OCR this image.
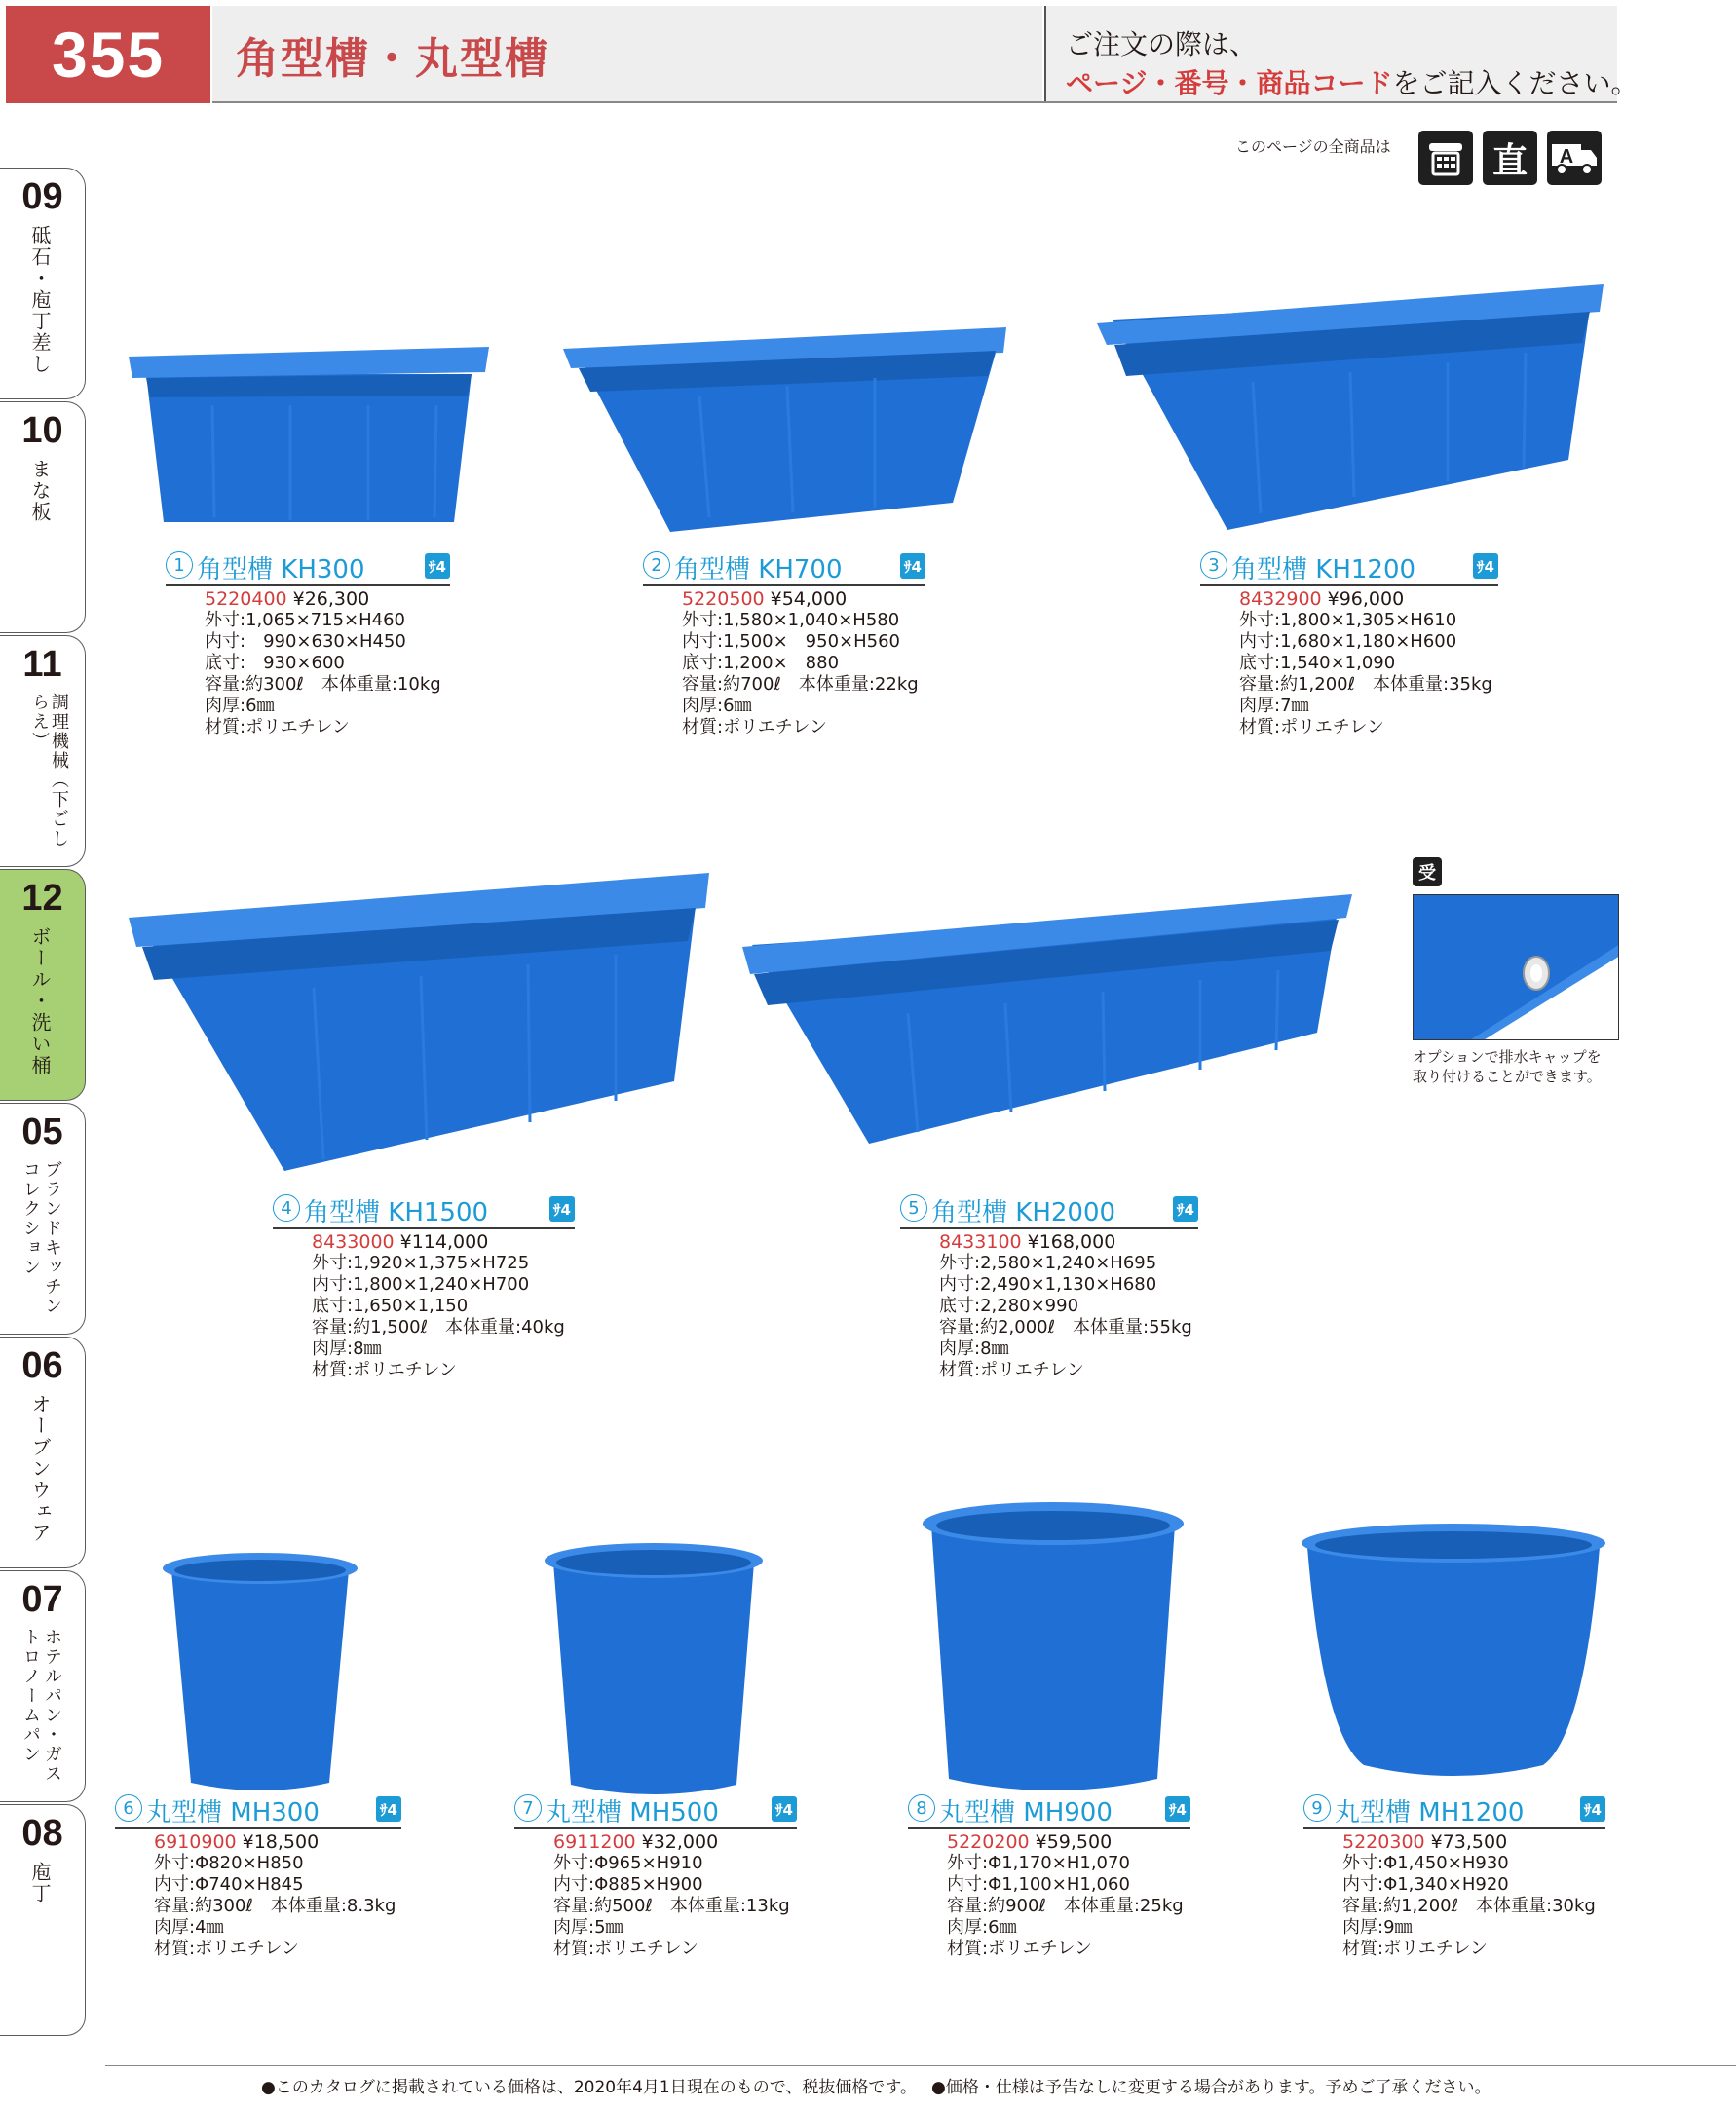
355	角型槽・丸型槽	ご注文の際は、
ページ・番号・商品コードをご記入ください。
このページの全商品は	直	A
09
砥石・庖丁差し
10
まな板
11
調理機械（下ごしらえ）
12
ボール・洗い桶
05
ブランドキッチンコレクション
06
オーブンウェア
07
ホテルパン・ガストロノームパン
08
庖丁
1 角型槽 KH300	ｻ4
5220400 ¥26,300
外寸:1,065×715×H460
内寸:　990×630×H450
底寸:　930×600
容量:約300ℓ　本体重量:10kg
肉厚:6㎜
材質:ポリエチレン
2 角型槽 KH700	ｻ4
5220500 ¥54,000
外寸:1,580×1,040×H580
内寸:1,500×　950×H560
底寸:1,200×　880
容量:約700ℓ　本体重量:22kg
肉厚:6㎜
材質:ポリエチレン
3 角型槽 KH1200	ｻ4
8432900 ¥96,000
外寸:1,800×1,305×H610
内寸:1,680×1,180×H600
底寸:1,540×1,090
容量:約1,200ℓ　本体重量:35kg
肉厚:7㎜
材質:ポリエチレン
4 角型槽 KH1500	ｻ4
8433000 ¥114,000
外寸:1,920×1,375×H725
内寸:1,800×1,240×H700
底寸:1,650×1,150
容量:約1,500ℓ　本体重量:40kg
肉厚:8㎜
材質:ポリエチレン
5 角型槽 KH2000	ｻ4
8433100 ¥168,000
外寸:2,580×1,240×H695
内寸:2,490×1,130×H680
底寸:2,280×990
容量:約2,000ℓ　本体重量:55kg
肉厚:8㎜
材質:ポリエチレン
6 丸型槽 MH300	ｻ4
6910900 ¥18,500
外寸:Φ820×H850
内寸:Φ740×H845
容量:約300ℓ　本体重量:8.3kg
肉厚:4㎜
材質:ポリエチレン
7 丸型槽 MH500	ｻ4
6911200 ¥32,000
外寸:Φ965×H910
内寸:Φ885×H900
容量:約500ℓ　本体重量:13kg
肉厚:5㎜
材質:ポリエチレン
8 丸型槽 MH900	ｻ4
5220200 ¥59,500
外寸:Φ1,170×H1,070
内寸:Φ1,100×H1,060
容量:約900ℓ　本体重量:25kg
肉厚:6㎜
材質:ポリエチレン
9 丸型槽 MH1200	ｻ4
5220300 ¥73,500
外寸:Φ1,450×H930
内寸:Φ1,340×H920
容量:約1,200ℓ　本体重量:30kg
肉厚:9㎜
材質:ポリエチレン
受
オプションで排水キャップを
取り付けることができます。
●このカタログに掲載されている価格は、2020年4月1日現在のもので、税抜価格です。 ●価格・仕様は予告なしに変更する場合があります。予めご了承ください。
